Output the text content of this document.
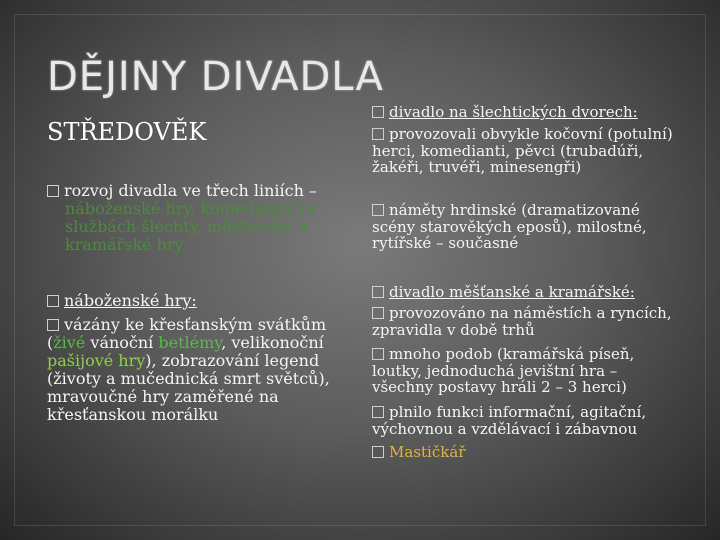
DĚJINY DIVADLA
STŘEDOVĚK

rozvoj divadla ve třech liniích –
náboženské hry, komedianti ve službách šlechty, měšťanské a kramářské hry

náboženské hry:

vázány ke křesťanským svátkům (živé vánoční betlémy, velikonoční pašijové hry), zobrazování legend (životy a mučednická smrt světců), mravoučné hry zaměřené na křesťanskou morálku

divadlo na šlechtických dvorech:

provozovali obvykle kočovní (potulní) herci, komedianti, pěvci (trubadúři, žakéři, truvéři, minesengři)

náměty hrdinské (dramatizované scény starověkých eposů), milostné, rytířské – současné

divadlo měšťanské a kramářské:

provozováno na náměstích a ryncích, zpravidla v době trhů

mnoho podob (kramářská píseň, loutky, jednoduchá jevištní hra – všechny postavy hráli 2 – 3 herci)

plnilo funkci informační, agitační, výchovnou a vzdělávací i zábavnou

Mastičkář
